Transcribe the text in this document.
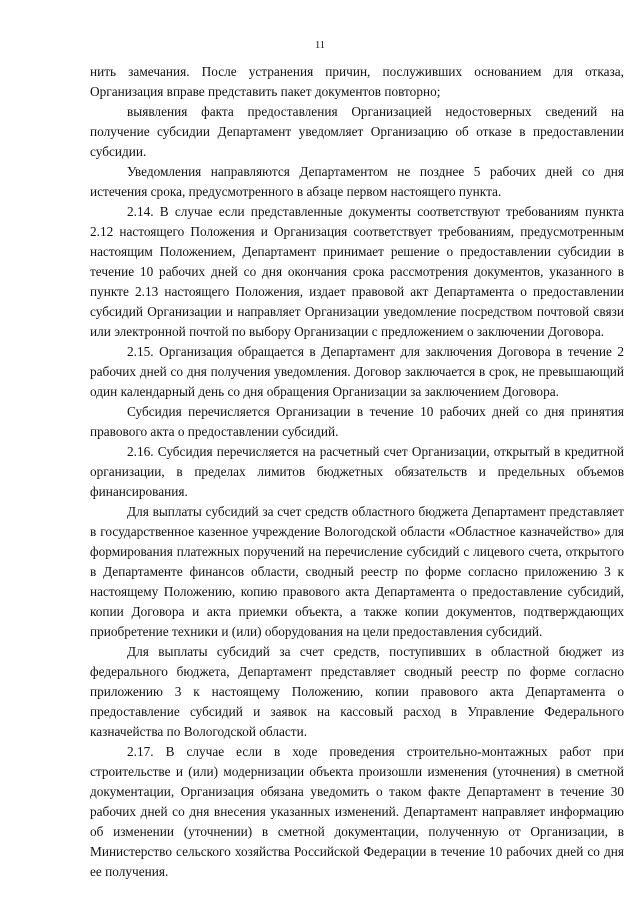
11

нить замечания. После устранения причин, послуживших основанием для отказа, Организация вправе представить пакет документов повторно;

выявления факта предоставления Организацией недостоверных сведений на получение субсидии Департамент уведомляет Организацию об отказе в предоставлении субсидии.

Уведомления направляются Департаментом не позднее 5 рабочих дней со дня истечения срока, предусмотренного в абзаце первом настоящего пункта.

2.14. В случае если представленные документы соответствуют требованиям пункта 2.12 настоящего Положения и Организация соответствует требованиям, предусмотренным настоящим Положением, Департамент принимает решение о предоставлении субсидии в течение 10 рабочих дней со дня окончания срока рассмотрения документов, указанного в пункте 2.13 настоящего Положения, издает правовой акт Департамента о предоставлении субсидий Организации и направляет Организации уведомление посредством почтовой связи или электронной почтой по выбору Организации с предложением о заключении Договора.

2.15. Организация обращается в Департамент для заключения Договора в течение 2 рабочих дней со дня получения уведомления. Договор заключается в срок, не превышающий один календарный день со дня обращения Организации за заключением Договора.

Субсидия перечисляется Организации в течение 10 рабочих дней со дня принятия правового акта о предоставлении субсидий.

2.16. Субсидия перечисляется на расчетный счет Организации, открытый в кредитной организации, в пределах лимитов бюджетных обязательств и предельных объемов финансирования.

Для выплаты субсидий за счет средств областного бюджета Департамент представляет в государственное казенное учреждение Вологодской области «Областное казначейство» для формирования платежных поручений на перечисление субсидий с лицевого счета, открытого в Департаменте финансов области, сводный реестр по форме согласно приложению 3 к настоящему Положению, копию правового акта Департамента о предоставление субсидий, копии Договора и акта приемки объекта, а также копии документов, подтверждающих приобретение техники и (или) оборудования на цели предоставления субсидий.

Для выплаты субсидий за счет средств, поступивших в областной бюджет из федерального бюджета, Департамент представляет сводный реестр по форме согласно приложению 3 к настоящему Положению, копии правового акта Департамента о предоставление субсидий и заявок на кассовый расход в Управление Федерального казначейства по Вологодской области.

2.17. В случае если в ходе проведения строительно-монтажных работ при строительстве и (или) модернизации объекта произошли изменения (уточнения) в сметной документации, Организация обязана уведомить о таком факте Департамент в течение 30 рабочих дней со дня внесения указанных изменений. Департамент направляет информацию об изменении (уточнении) в сметной документации, полученную от Организации, в Министерство сельского хозяйства Российской Федерации в течение 10 рабочих дней со дня ее получения.
